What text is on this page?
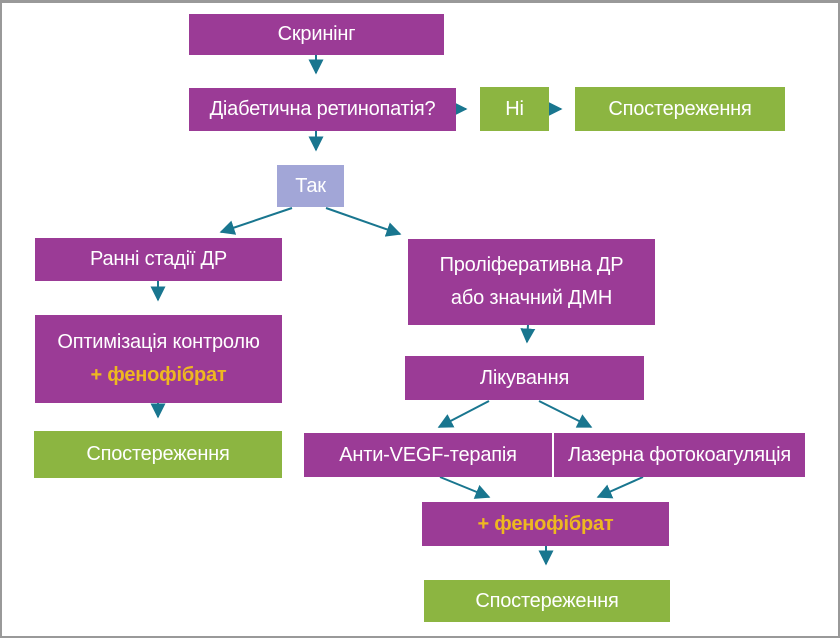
Скринінг
Діабетична ретинопатія?	Ні	Спостереження
Так
Ранні стадії ДР	Проліферативна ДР
або значний ДМН
Оптимізація контролю
+ фенофібрат
Спостереження
Лікування
Анти-VEGF-терапія	Лазерна фотокоагуляція
+ фенофібрат
Спостереження
